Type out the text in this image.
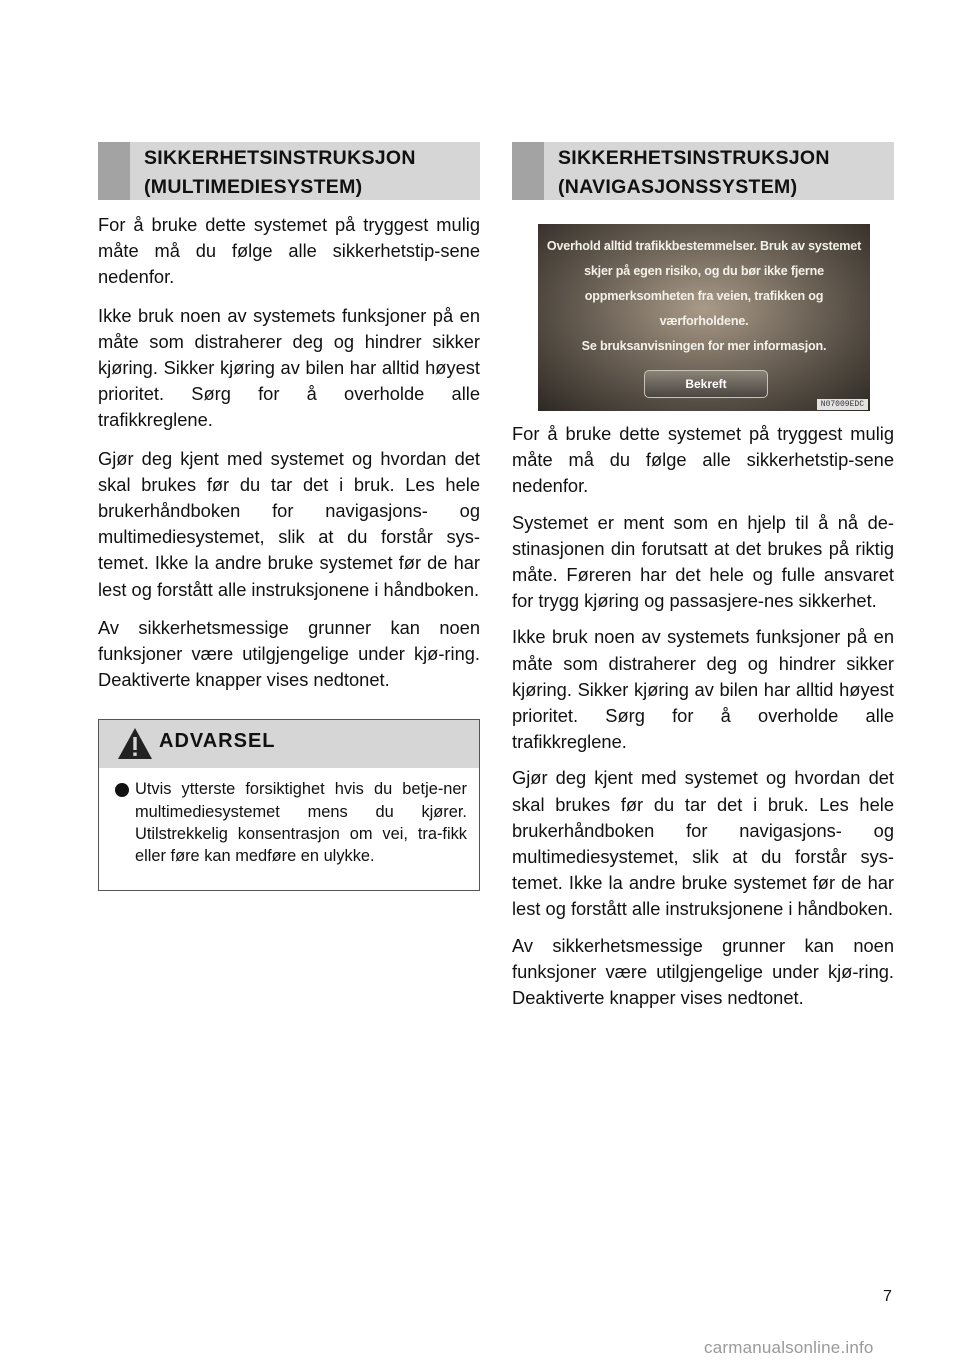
SIKKERHETSINSTRUKSJON
(MULTIMEDIESYSTEM)

For å bruke dette systemet på tryggest mulig måte må du følge alle sikkerhetstip-sene nedenfor.

Ikke bruk noen av systemets funksjoner på en måte som distraherer deg og hindrer sikker kjøring. Sikker kjøring av bilen har alltid høyest prioritet. Sørg for å overholde alle trafikkreglene.

Gjør deg kjent med systemet og hvordan det skal brukes før du tar det i bruk. Les hele brukerhåndboken for navigasjons- og multimediesystemet, slik at du forstår sys-temet. Ikke la andre bruke systemet før de har lest og forstått alle instruksjonene i håndboken.

Av sikkerhetsmessige grunner kan noen funksjoner være utilgjengelige under kjø-ring. Deaktiverte knapper vises nedtonet.

ADVARSEL
Utvis ytterste forsiktighet hvis du betje-ner multimediesystemet mens du kjører. Utilstrekkelig konsentrasjon om vei, tra-fikk eller føre kan medføre en ulykke.
SIKKERHETSINSTRUKSJON
(NAVIGASJONSSYSTEM)
Overhold alltid trafikkbestemmelser. Bruk av systemet
skjer på egen risiko, og du bør ikke fjerne
oppmerksomheten fra veien, trafikken og værforholdene.
Se bruksanvisningen for mer informasjon.
Bekreft
N07009EDC

For å bruke dette systemet på tryggest mulig måte må du følge alle sikkerhetstip-sene nedenfor.

Systemet er ment som en hjelp til å nå de-stinasjonen din forutsatt at det brukes på riktig måte. Føreren har det hele og fulle ansvaret for trygg kjøring og passasjere-nes sikkerhet.

Ikke bruk noen av systemets funksjoner på en måte som distraherer deg og hindrer sikker kjøring. Sikker kjøring av bilen har alltid høyest prioritet. Sørg for å overholde alle trafikkreglene.

Gjør deg kjent med systemet og hvordan det skal brukes før du tar det i bruk. Les hele brukerhåndboken for navigasjons- og multimediesystemet, slik at du forstår sys-temet. Ikke la andre bruke systemet før de har lest og forstått alle instruksjonene i håndboken.

Av sikkerhetsmessige grunner kan noen funksjoner være utilgjengelige under kjø-ring. Deaktiverte knapper vises nedtonet.

7
carmanualsonline.info
